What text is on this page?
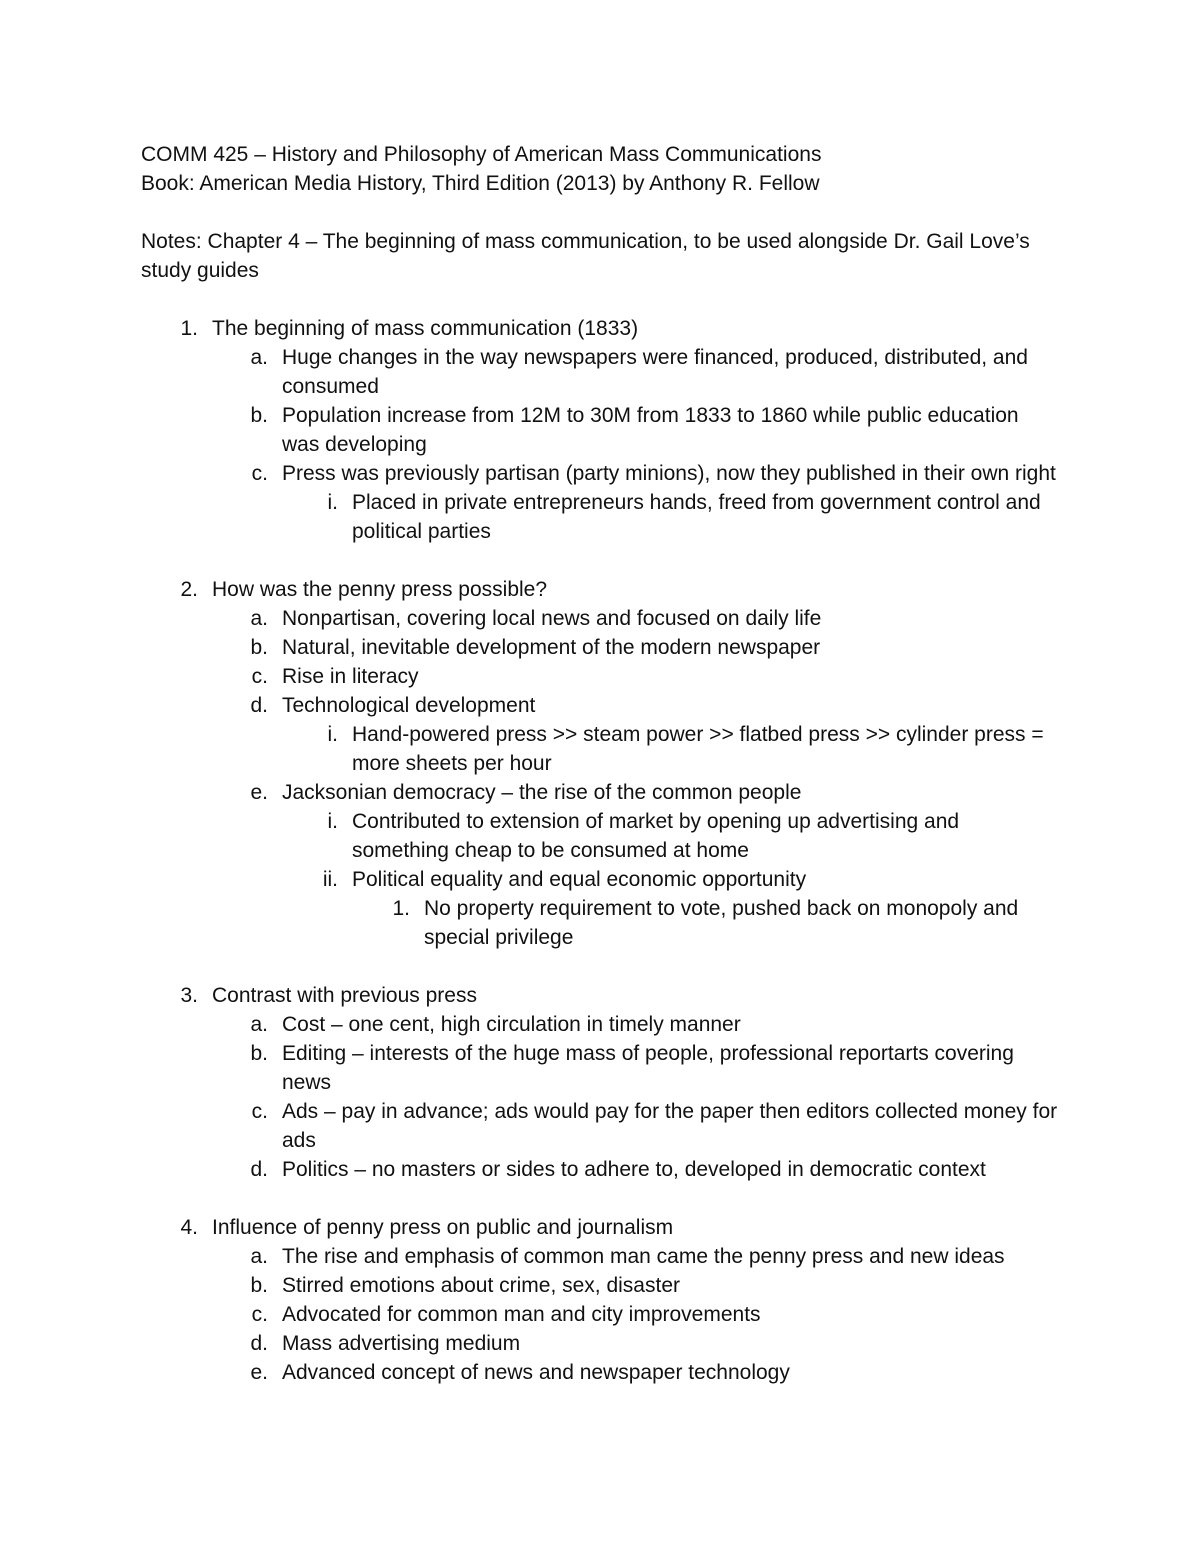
COMM 425 – History and Philosophy of American Mass Communications

Book: American Media History, Third Edition (2013) by Anthony R. Fellow

Notes: Chapter 4 – The beginning of mass communication, to be used alongside Dr. Gail Love’s study guides

1. The beginning of mass communication (1833)
a. Huge changes in the way newspapers were financed, produced, distributed, and consumed
b. Population increase from 12M to 30M from 1833 to 1860 while public education was developing
c. Press was previously partisan (party minions), now they published in their own right
i. Placed in private entrepreneurs hands, freed from government control and political parties
2. How was the penny press possible?
a. Nonpartisan, covering local news and focused on daily life
b. Natural, inevitable development of the modern newspaper
c. Rise in literacy
d. Technological development
i. Hand-powered press >> steam power >> flatbed press >> cylinder press = more sheets per hour
e. Jacksonian democracy – the rise of the common people
i. Contributed to extension of market by opening up advertising and something cheap to be consumed at home
ii. Political equality and equal economic opportunity
1. No property requirement to vote, pushed back on monopoly and special privilege
3. Contrast with previous press
a. Cost – one cent, high circulation in timely manner
b. Editing – interests of the huge mass of people, professional reportarts covering news
c. Ads – pay in advance; ads would pay for the paper then editors collected money for ads
d. Politics – no masters or sides to adhere to, developed in democratic context
4. Influence of penny press on public and journalism
a. The rise and emphasis of common man came the penny press and new ideas
b. Stirred emotions about crime, sex, disaster
c. Advocated for common man and city improvements
d. Mass advertising medium
e. Advanced concept of news and newspaper technology
